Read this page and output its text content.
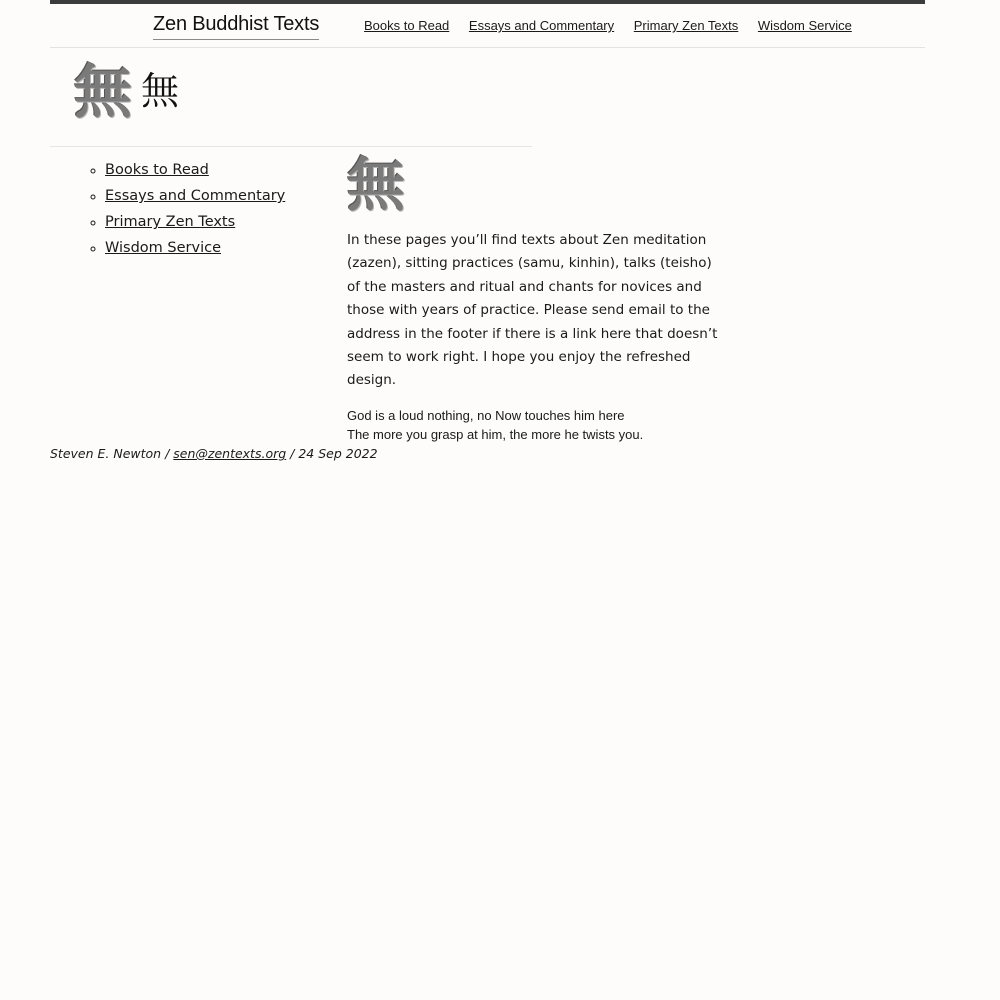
Zen Buddhist Texts	Books to Read Essays and Commentary Primary Zen Texts Wisdom Service
無 無
◦ Books to Read
◦ Essays and Commentary
◦ Primary Zen Texts
◦ Wisdom Service
無

In these pages you’ll find texts about Zen meditation (zazen), sitting practices (samu, kinhin), talks (teisho) of the masters and ritual and chants for novices and those with years of practice. Please send email to the address in the footer if there is a link here that doesn’t seem to work right. I hope you enjoy the refreshed design.

God is a loud nothing, no Now touches him here
The more you grasp at him, the more he twists you.

Steven E. Newton / sen@zentexts.org / 24 Sep 2022
